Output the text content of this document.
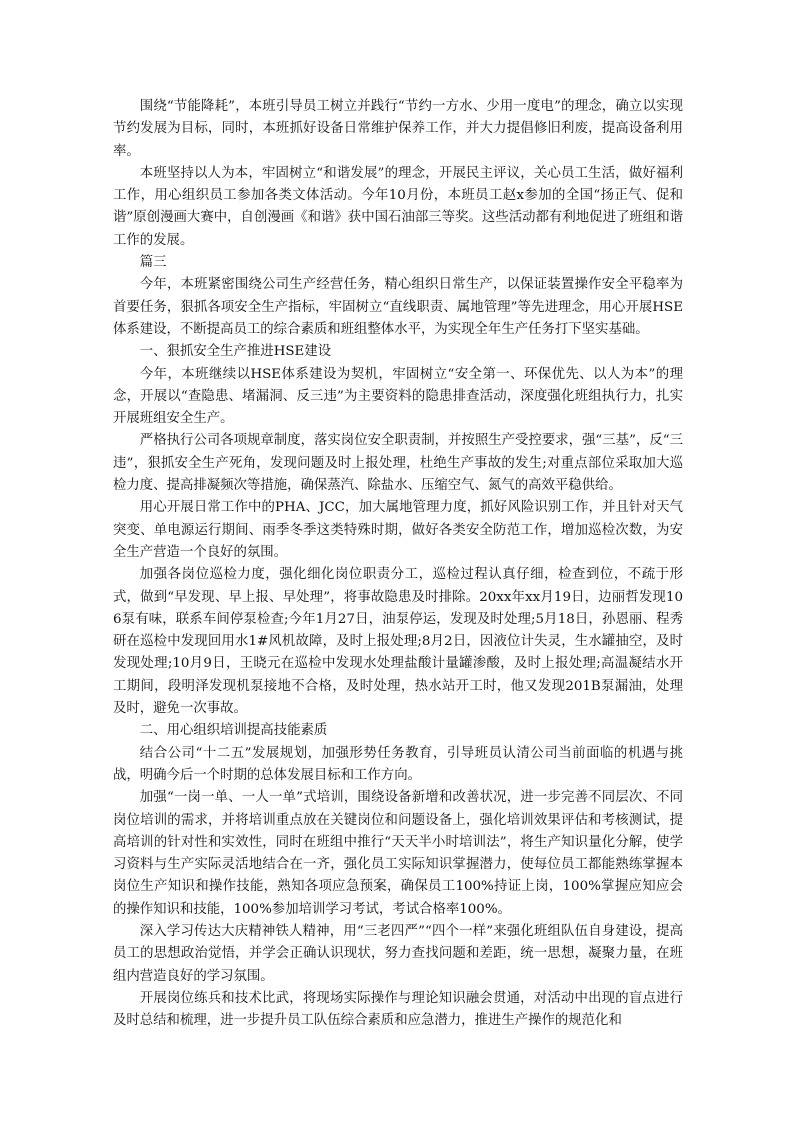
围绕“节能降耗”，本班引导员工树立并践行“节约一方水、少用一度电”的理念，确立以实现节约发展为目标，同时，本班抓好设备日常维护保养工作，并大力提倡修旧利废，提高设备利用率。

本班坚持以人为本，牢固树立“和谐发展”的理念，开展民主评议，关心员工生活，做好福利工作，用心组织员工参加各类文体活动。今年10月份，本班员工赵x参加的全国“扬正气、促和谐”原创漫画大赛中，自创漫画《和谐》获中国石油部三等奖。这些活动都有利地促进了班组和谐工作的发展。

篇三

今年，本班紧密围绕公司生产经营任务，精心组织日常生产，以保证装置操作安全平稳率为首要任务，狠抓各项安全生产指标，牢固树立“直线职责、属地管理”等先进理念，用心开展HSE体系建设，不断提高员工的综合素质和班组整体水平，为实现全年生产任务打下坚实基础。

一、狠抓安全生产推进HSE建设

今年，本班继续以HSE体系建设为契机，牢固树立“安全第一、环保优先、以人为本”的理念，开展以“查隐患、堵漏洞、反三违”为主要资料的隐患排查活动，深度强化班组执行力，扎实开展班组安全生产。

严格执行公司各项规章制度，落实岗位安全职责制，并按照生产受控要求，强“三基”，反“三违”，狠抓安全生产死角，发现问题及时上报处理，杜绝生产事故的发生;对重点部位采取加大巡检力度、提高排凝频次等措施，确保蒸汽、除盐水、压缩空气、氮气的高效平稳供给。

用心开展日常工作中的PHA、JCC，加大属地管理力度，抓好风险识别工作，并且针对天气突变、单电源运行期间、雨季冬季这类特殊时期，做好各类安全防范工作，增加巡检次数，为安全生产营造一个良好的氛围。

加强各岗位巡检力度，强化细化岗位职责分工，巡检过程认真仔细，检查到位，不疏于形式，做到“早发现、早上报、早处理”，将事故隐患及时排除。20xx年xx月19日，边丽哲发现106泵有味，联系车间停泵检查;今年1月27日，油泵停运，发现及时处理;5月18日，孙恩丽、程秀研在巡检中发现回用水1#风机故障，及时上报处理;8月2日，因液位计失灵，生水罐抽空，及时发现处理;10月9日，王晓元在巡检中发现水处理盐酸计量罐渗酸，及时上报处理;高温凝结水开工期间，段明泽发现机泵接地不合格，及时处理，热水站开工时，他又发现201B泵漏油，处理及时，避免一次事故。

二、用心组织培训提高技能素质

结合公司“十二五”发展规划，加强形势任务教育，引导班员认清公司当前面临的机遇与挑战，明确今后一个时期的总体发展目标和工作方向。

加强“一岗一单、一人一单”式培训，围绕设备新增和改善状况，进一步完善不同层次、不同岗位培训的需求，并将培训重点放在关键岗位和问题设备上，强化培训效果评估和考核测试，提高培训的针对性和实效性，同时在班组中推行“天天半小时培训法”，将生产知识量化分解，使学习资料与生产实际灵活地结合在一齐，强化员工实际知识掌握潜力，使每位员工都能熟练掌握本岗位生产知识和操作技能，熟知各项应急预案，确保员工100%持证上岗，100%掌握应知应会的操作知识和技能，100%参加培训学习考试，考试合格率100%。

深入学习传达大庆精神铁人精神，用“三老四严”“四个一样”来强化班组队伍自身建设，提高员工的思想政治觉悟，并学会正确认识现状，努力查找问题和差距，统一思想，凝聚力量，在班组内营造良好的学习氛围。

开展岗位练兵和技术比武，将现场实际操作与理论知识融会贯通，对活动中出现的盲点进行及时总结和梳理，进一步提升员工队伍综合素质和应急潜力，推进生产操作的规范化和
